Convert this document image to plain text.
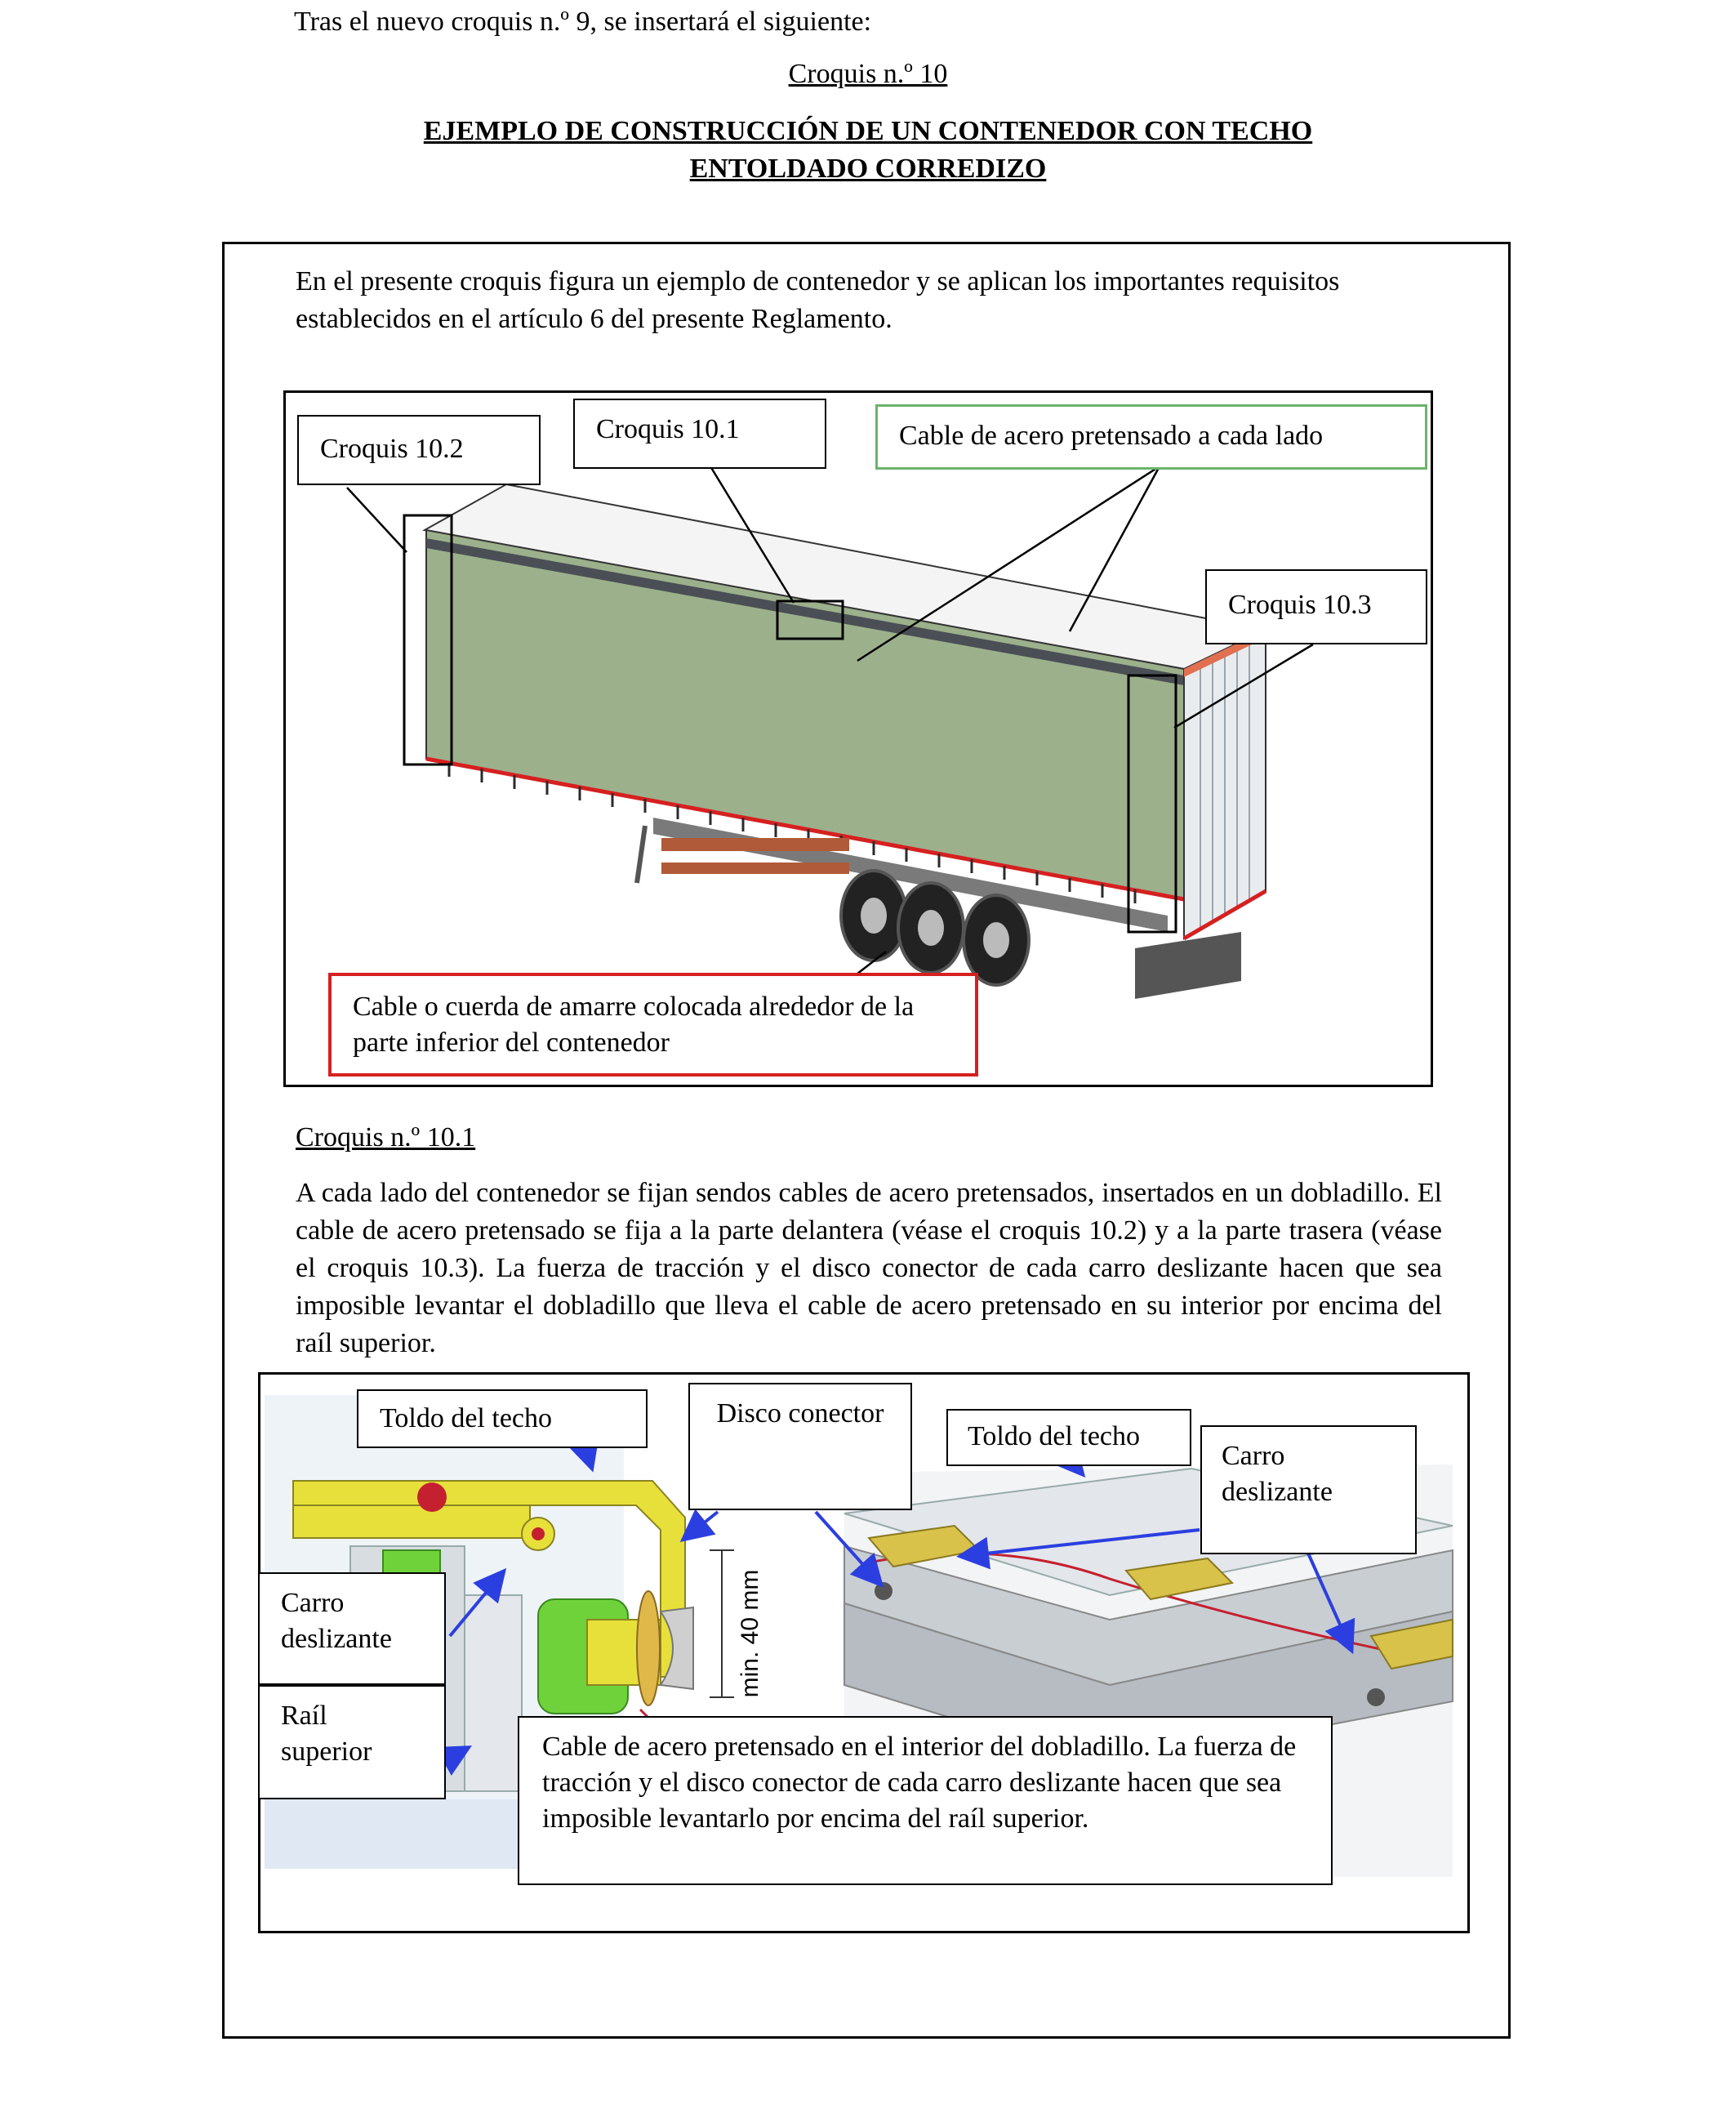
Tras el nuevo croquis n.º 9, se insertará el siguiente:
Croquis n.º 10
EJEMPLO DE CONSTRUCCIÓN DE UN CONTENEDOR CON TECHO
ENTOLDADO CORREDIZO
En el presente croquis figura un ejemplo de contenedor y se aplican los importantes requisitos establecidos en el artículo 6 del presente Reglamento.
Croquis 10.2
Croquis 10.1	Cable de acero pretensado a cada lado
Croquis 10.3
Cable o cuerda de amarre colocada alrededor de la parte inferior del contenedor
Croquis n.º 10.1
A cada lado del contenedor se fijan sendos cables de acero pretensados, insertados en un dobladillo. El cable de acero pretensado se fija a la parte delantera (véase el croquis 10.2) y a la parte trasera (véase el croquis 10.3). La fuerza de tracción y el disco conector de cada carro deslizante hacen que sea imposible levantar el dobladillo que lleva el cable de acero pretensado en su interior por encima del raíl superior.
Toldo del techo	Disco conector
Toldo del techo
Carro deslizante
Carro deslizante
Raíl superior
min. 40 mm
Cable de acero pretensado en el interior del dobladillo. La fuerza de tracción y el disco conector de cada carro deslizante hacen que sea imposible levantarlo por encima del raíl superior.
